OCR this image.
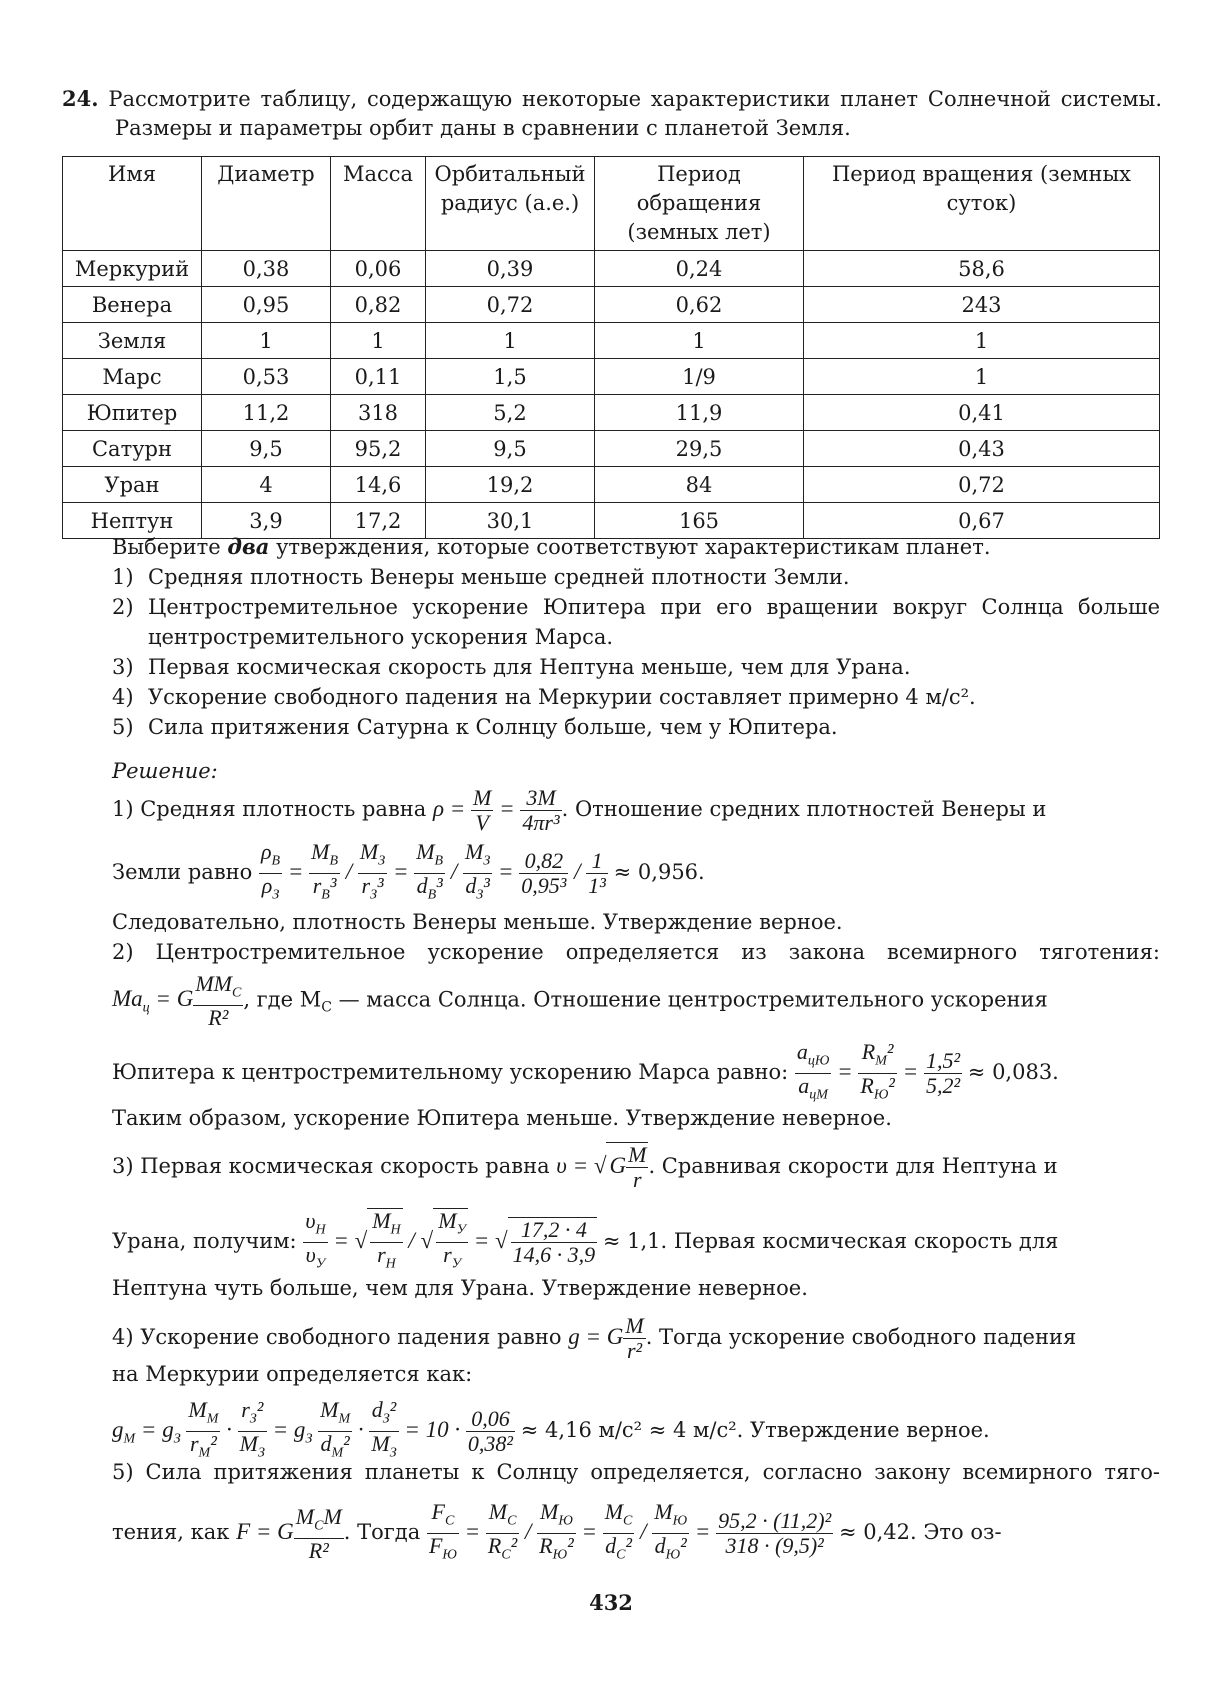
24. Рассмотрите таблицу, содержащую некоторые характеристики планет Солнечной системы. Размеры и параметры орбит даны в сравнении с планетой Земля.
Имя	Диаметр	Масса	Орбитальный радиус (а.е.)	Период обращения (земных лет)	Период вращения (земных суток)
Меркурий	0,38	0,06	0,39	0,24	58,6
Венера	0,95	0,82	0,72	0,62	243
Земля	1	1	1	1	1
Марс	0,53	0,11	1,5	1/9	1
Юпитер	11,2	318	5,2	11,9	0,41
Сатурн	9,5	95,2	9,5	29,5	0,43
Уран	4	14,6	19,2	84	0,72
Нептун	3,9	17,2	30,1	165	0,67
Выберите два утверждения, которые соответствуют характеристикам планет.
1) Средняя плотность Венеры меньше средней плотности Земли.
2) Центростремительное ускорение Юпитера при его вращении вокруг Солнца больше центростремительного ускорения Марса.
3) Первая космическая скорость для Нептуна меньше, чем для Урана.
4) Ускорение свободного падения на Меркурии составляет примерно 4 м/с².
5) Сила притяжения Сатурна к Солнцу больше, чем у Юпитера.
Решение:
1) Средняя плотность равна $\rho = \frac{M}{V} = \frac{3M}{\text{4πr³}}$ . Отношение средних плотностей Венеры и
Земли равно $\frac{\rho_В}{\rho_З} = \frac{M_В}{r_В^3} / \frac{M_З}{r_З^3} = \frac{M_В}{d_В^3} / \frac{M_З}{d_З^3} = \frac{0,82}{\text{0,95³}} / \frac{1}{\text{1³}} \approx 0,956$.
Следовательно, плотность Венеры меньше. Утверждение верное.
2) Центростремительное ускорение определяется из закона всемирного тяготения:
$Ma_ц = G \frac{MM_С}{\text{R²}}$ , где $M_С$ — масса Солнца. Отношение центростремительного ускорения
Юпитера к центростремительному ускорению Марса равно: $\frac{a_{цЮ}}{a_{цМ}} = \frac{R_М^2}{R_Ю^2} = \frac{\text{1,5²}}{\text{5,2²}} \approx 0,083$.
Таким образом, ускорение Юпитера меньше. Утверждение неверное.
3) Первая космическая скорость равна υ = √ G $\frac{M}{r}$ . Сравнивая скорости для Нептуна и
Урана, получим: $\frac{\upsilon_Н}{\upsilon_У}$ = √ $\frac{M_Н}{r_Н}$ / √ $\frac{M_У}{r_У}$ = √ $\frac{17,2 \cdot 4}{14,6 \cdot 3,9} \approx 1,1$. Первая космическая скорость для
Нептуна чуть больше, чем для Урана. Утверждение неверное.
4) Ускорение свободного падения равно g = G $\frac{M}{\text{r²}}$ . Тогда ускорение свободного падения
на Меркурии определяется как:
$g_М = g_З \frac{M_М}{r_М^2} \cdot \frac{r_З^2}{M_З} = g_З \frac{M_М}{d_М^2} \cdot \frac{d_З^2}{M_З} = 10 \cdot \frac{0,06}{\text{0,38²}} \approx 4,16$ м/с² ≈ 4 м/с². Утверждение верное.
5) Сила притяжения планеты к Солнцу определяется, согласно закону всемирного тяго-
тения, как F = G $\frac{M_СM}{\text{R²}}$ . Тогда $\frac{F_С}{F_Ю} = \frac{M_С}{R_С^2} / \frac{M_Ю}{R_Ю^2} = \frac{M_С}{d_С^2} / \frac{M_Ю}{d_Ю^2} = \frac{\text{95,2 · (11,2)²}}{\text{318 · (9,5)²}} \approx 0,42$. Это оз-
432
